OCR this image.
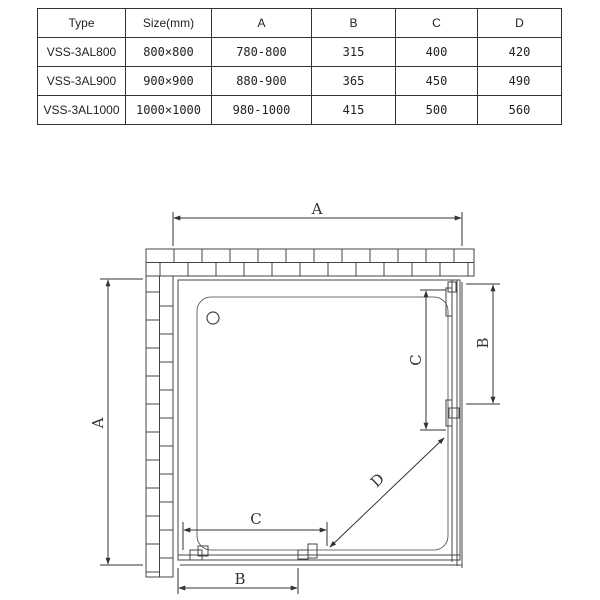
Type	Size(mm)	A	B	C	D
VSS-3AL800	800×800	780-800	315	400	420
VSS-3AL900	900×900	880-900	365	450	490
VSS-3AL1000	1000×1000	980-1000	415	500	560
A
A
B
B
C
C
D
